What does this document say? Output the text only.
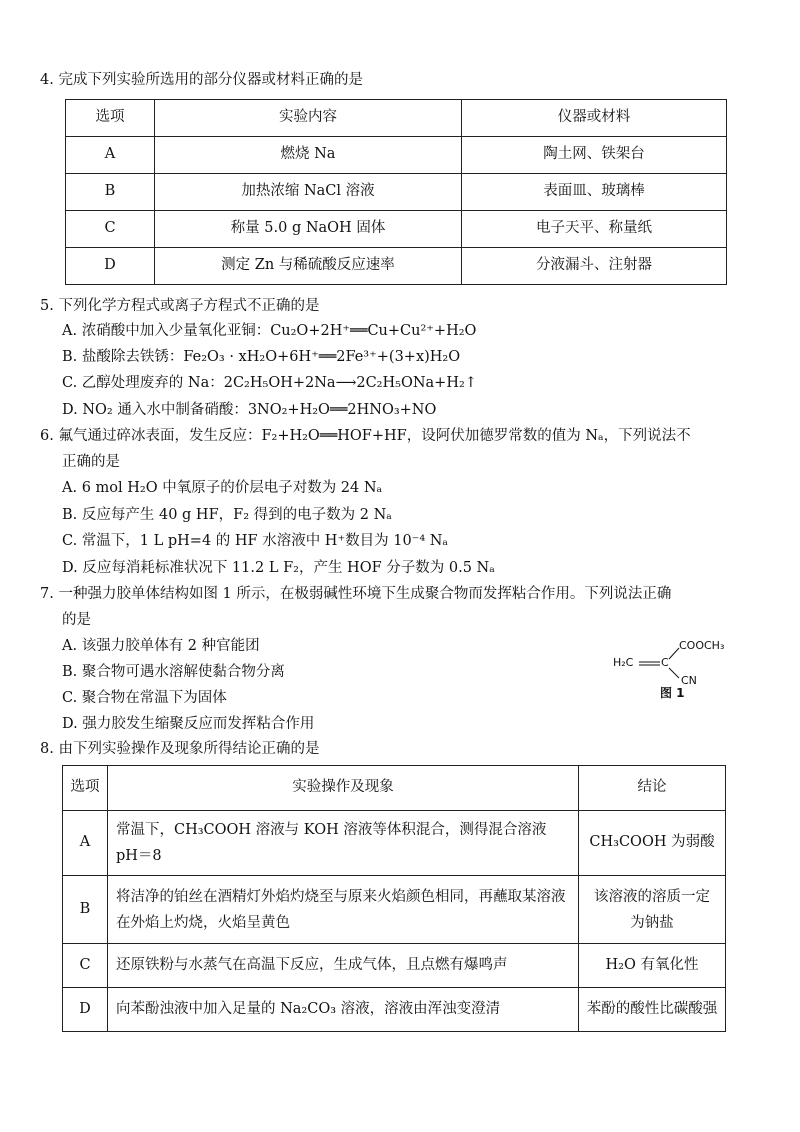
4. 完成下列实验所选用的部分仪器或材料正确的是
选项	实验内容	仪器或材料
A	燃烧 Na	陶土网、铁架台
B	加热浓缩 NaCl 溶液	表面皿、玻璃棒
C	称量 5.0 g NaOH 固体	电子天平、称量纸
D	测定 Zn 与稀硫酸反应速率	分液漏斗、注射器
5. 下列化学方程式或离子方程式不正确的是
A. 浓硝酸中加入少量氧化亚铜：Cu₂O+2H⁺══Cu+Cu²⁺+H₂O
B. 盐酸除去铁锈：Fe₂O₃ · xH₂O+6H⁺══2Fe³⁺+(3+x)H₂O
C. 乙醇处理废弃的 Na：2C₂H₅OH+2Na⟶2C₂H₅ONa+H₂↑
D. NO₂ 通入水中制备硝酸：3NO₂+H₂O══2HNO₃+NO
6. 氟气通过碎冰表面，发生反应：F₂+H₂O══HOF+HF，设阿伏加德罗常数的值为 Nₐ，下列说法不
正确的是
A. 6 mol H₂O 中氧原子的价层电子对数为 24 Nₐ
B. 反应每产生 40 g HF，F₂ 得到的电子数为 2 Nₐ
C. 常温下，1 L pH=4 的 HF 水溶液中 H⁺数目为 10⁻⁴ Nₐ
D. 反应每消耗标准状况下 11.2 L F₂，产生 HOF 分子数为 0.5 Nₐ
7. 一种强力胶单体结构如图 1 所示，在极弱碱性环境下生成聚合物而发挥粘合作用。下列说法正确
的是
A. 该强力胶单体有 2 种官能团
B. 聚合物可遇水溶解使黏合物分离
C. 聚合物在常温下为固体
D. 强力胶发生缩聚反应而发挥粘合作用
H₂C	C
COOCH₃
CN
图 1
8. 由下列实验操作及现象所得结论正确的是
选项	实验操作及现象	结论
A	常温下，CH₃COOH 溶液与 KOH 溶液等体积混合，测得混合溶液 pH＝8	CH₃COOH 为弱酸
B	将洁净的铂丝在酒精灯外焰灼烧至与原来火焰颜色相同，再蘸取某溶液在外焰上灼烧，火焰呈黄色	该溶液的溶质一定为钠盐
C	还原铁粉与水蒸气在高温下反应，生成气体，且点燃有爆鸣声	H₂O 有氧化性
D	向苯酚浊液中加入足量的 Na₂CO₃ 溶液，溶液由浑浊变澄清	苯酚的酸性比碳酸强
